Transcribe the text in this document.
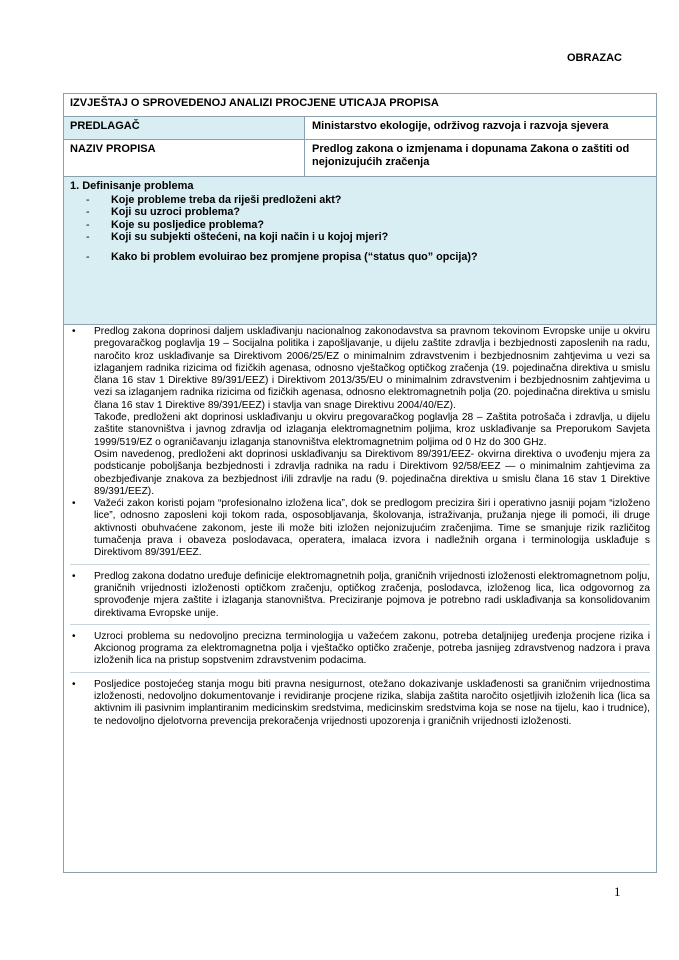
OBRAZAC
IZVJEŠTAJ O SPROVEDENOJ ANALIZI PROCJENE UTICAJA PROPISA
PREDLAGAČ	Ministarstvo ekologije, održivog razvoja i razvoja sjevera
NAZIV PROPISA	Predlog zakona o izmjenama i dopunama Zakona o zaštiti od nejonizujućih zračenja
1. Definisanje problema
- Koje probleme treba da riješi predloženi akt?
- Koji su uzroci problema?
- Koje su posljedice problema?
- Koji su subjekti oštećeni, na koji način i u kojoj mjeri?
- Kako bi problem evoluirao bez promjene propisa (“status quo” opcija)?
• Predlog zakona doprinosi daljem usklađivanju nacionalnog zakonodavstva sa pravnom tekovinom Evropske unije u okviru pregovaračkog poglavlja 19 – Socijalna politika i zapošljavanje, u dijelu zaštite zdravlja i bezbjednosti zaposlenih na radu, naročito kroz usklađivanje sa Direktivom 2006/25/EZ o minimalnim zdravstvenim i bezbjednosnim zahtjevima u vezi sa izlaganjem radnika rizicima od fizičkih agenasa, odnosno vještačkog optičkog zračenja (19. pojedinačna direktiva u smislu člana 16 stav 1 Direktive 89/391/EEZ) i Direktivom 2013/35/EU o minimalnim zdravstvenim i bezbjednosnim zahtjevima u vezi sa izlaganjem radnika rizicima od fizičkih agenasa, odnosno elektromagnetnih polja (20. pojedinačna direktiva u smislu člana 16 stav 1 Direktive 89/391/EEZ) i stavlja van snage Direktivu 2004/40/EZ).

Takođe, predloženi akt doprinosi usklađivanju u okviru pregovaračkog poglavlja 28 – Zaštita potrošača i zdravlja, u dijelu zaštite stanovništva i javnog zdravlja od izlaganja elektromagnetnim poljima, kroz usklađivanje sa Preporukom Savjeta 1999/519/EZ o ograničavanju izlaganja stanovništva elektromagnetnim poljima od 0 Hz do 300 GHz.

Osim navedenog, predloženi akt doprinosi usklađivanju sa Direktivom 89/391/EEZ- okvirna direktiva o uvođenju mjera za podsticanje poboljšanja bezbjednosti i zdravlja radnika na radu i Direktivom 92/58/EEZ — o minimalnim zahtjevima za obezbjeđivanje znakova za bezbjednost i/ili zdravlje na radu (9. pojedinačna direktiva u smislu člana 16 stav 1 Direktive 89/391/EEZ).

• Važeći zakon koristi pojam “profesionalno izložena lica”, dok se predlogom precizira širi i operativno jasniji pojam “izloženo lice”, odnosno zaposleni koji tokom rada, osposobljavanja, školovanja, istraživanja, pružanja njege ili pomoći, ili druge aktivnosti obuhvaćene zakonom, jeste ili može biti izložen nejonizujućim zračenjima. Time se smanjuje rizik različitog tumačenja prava i obaveza poslodavaca, operatera, imalaca izvora i nadležnih organa i terminologija usklađuje s Direktivom 89/391/EEZ.

• Predlog zakona dodatno uređuje definicije elektromagnetnih polja, graničnih vrijednosti izloženosti elektromagnetnom polju, graničnih vrijednosti izloženosti optičkom zračenju, optičkog zračenja, poslodavca, izloženog lica, lica odgovornog za sprovođenje mjera zaštite i izlaganja stanovništva. Preciziranje pojmova je potrebno radi usklađivanja sa konsolidovanim direktivama Evropske unije.

• Uzroci problema su nedovoljno precizna terminologija u važećem zakonu, potreba detaljnijeg uređenja procjene rizika i Akcionog programa za elektromagnetna polja i vještačko optičko zračenje, potreba jasnijeg zdravstvenog nadzora i prava izloženih lica na pristup sopstvenim zdravstvenim podacima.

• Posljedice postojećeg stanja mogu biti pravna nesigurnost, otežano dokazivanje usklađenosti sa graničnim vrijednostima izloženosti, nedovoljno dokumentovanje i revidiranje procjene rizika, slabija zaštita naročito osjetljivih izloženih lica (lica sa aktivnim ili pasivnim implantiranim medicinskim sredstvima, medicinskim sredstvima koja se nose na tijelu, kao i trudnice), te nedovoljno djelotvorna prevencija prekoračenja vrijednosti upozorenja i graničnih vrijednosti izloženosti.

1
